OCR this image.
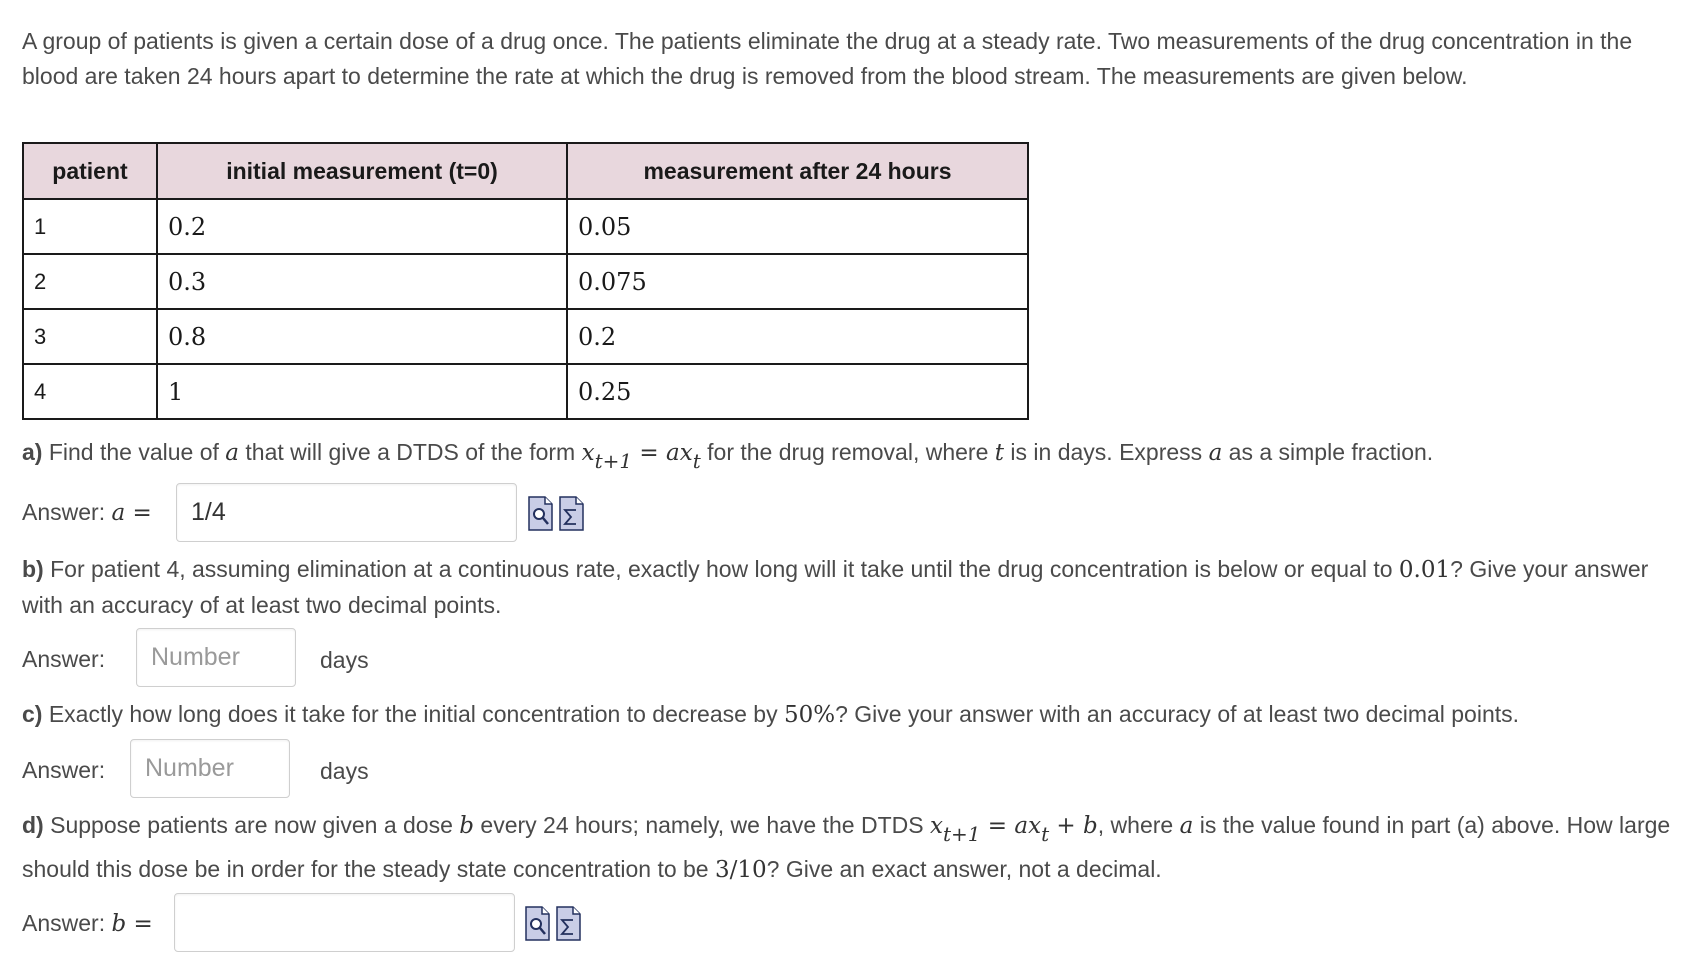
A group of patients is given a certain dose of a drug once. The patients eliminate the drug at a steady rate. Two measurements of the drug concentration in the blood are taken 24 hours apart to determine the rate at which the drug is removed from the blood stream. The measurements are given below.
patient	initial measurement (t=0)	measurement after 24 hours
1	0.2	0.05
2	0.3	0.075
3	0.8	0.2
4	1	0.25
a) Find the value of a that will give a DTDS of the form $x_{t+1} = ax_t$ for the drug removal, where t is in days. Express a as a simple fraction.
Answer: a =	1/4
b) For patient 4, assuming elimination at a continuous rate, exactly how long will it take until the drug concentration is below or equal to 0.01? Give your answer with an accuracy of at least two decimal points.
Answer:	Number	days
c) Exactly how long does it take for the initial concentration to decrease by 50%? Give your answer with an accuracy of at least two decimal points.
Answer:	Number	days
d) Suppose patients are now given a dose b every 24 hours; namely, we have the DTDS $x_{t+1} = ax_t + b$, where a is the value found in part (a) above. How large should this dose be in order for the steady state concentration to be 3/10? Give an exact answer, not a decimal.
Answer: b =
